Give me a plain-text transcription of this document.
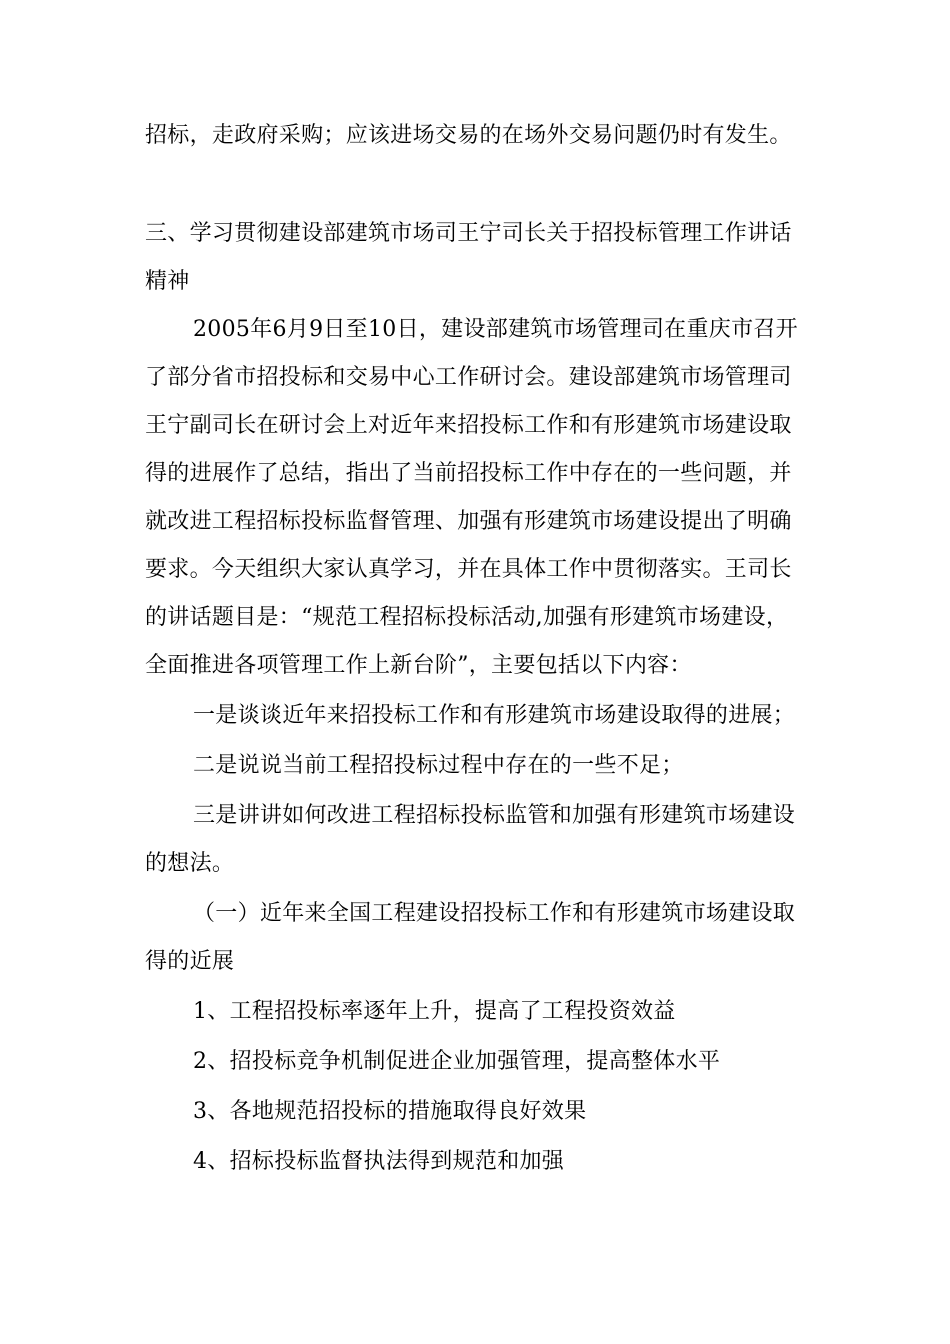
招标，走政府采购；应该进场交易的在场外交易问题仍时有发生。

三、学习贯彻建设部建筑市场司王宁司长关于招投标管理工作讲话精神

2005年6月9日至10日，建设部建筑市场管理司在重庆市召开了部分省市招投标和交易中心工作研讨会。建设部建筑市场管理司王宁副司长在研讨会上对近年来招投标工作和有形建筑市场建设取得的进展作了总结，指出了当前招投标工作中存在的一些问题，并就改进工程招标投标监督管理、加强有形建筑市场建设提出了明确要求。今天组织大家认真学习，并在具体工作中贯彻落实。王司长的讲话题目是：“规范工程招标投标活动,加强有形建筑市场建设，全面推进各项管理工作上新台阶”，主要包括以下内容：

一是谈谈近年来招投标工作和有形建筑市场建设取得的进展；

二是说说当前工程招投标过程中存在的一些不足；

三是讲讲如何改进工程招标投标监管和加强有形建筑市场建设的想法。

（一）近年来全国工程建设招投标工作和有形建筑市场建设取得的近展

1、工程招投标率逐年上升，提高了工程投资效益

2、招投标竞争机制促进企业加强管理，提高整体水平

3、各地规范招投标的措施取得良好效果

4、招标投标监督执法得到规范和加强
